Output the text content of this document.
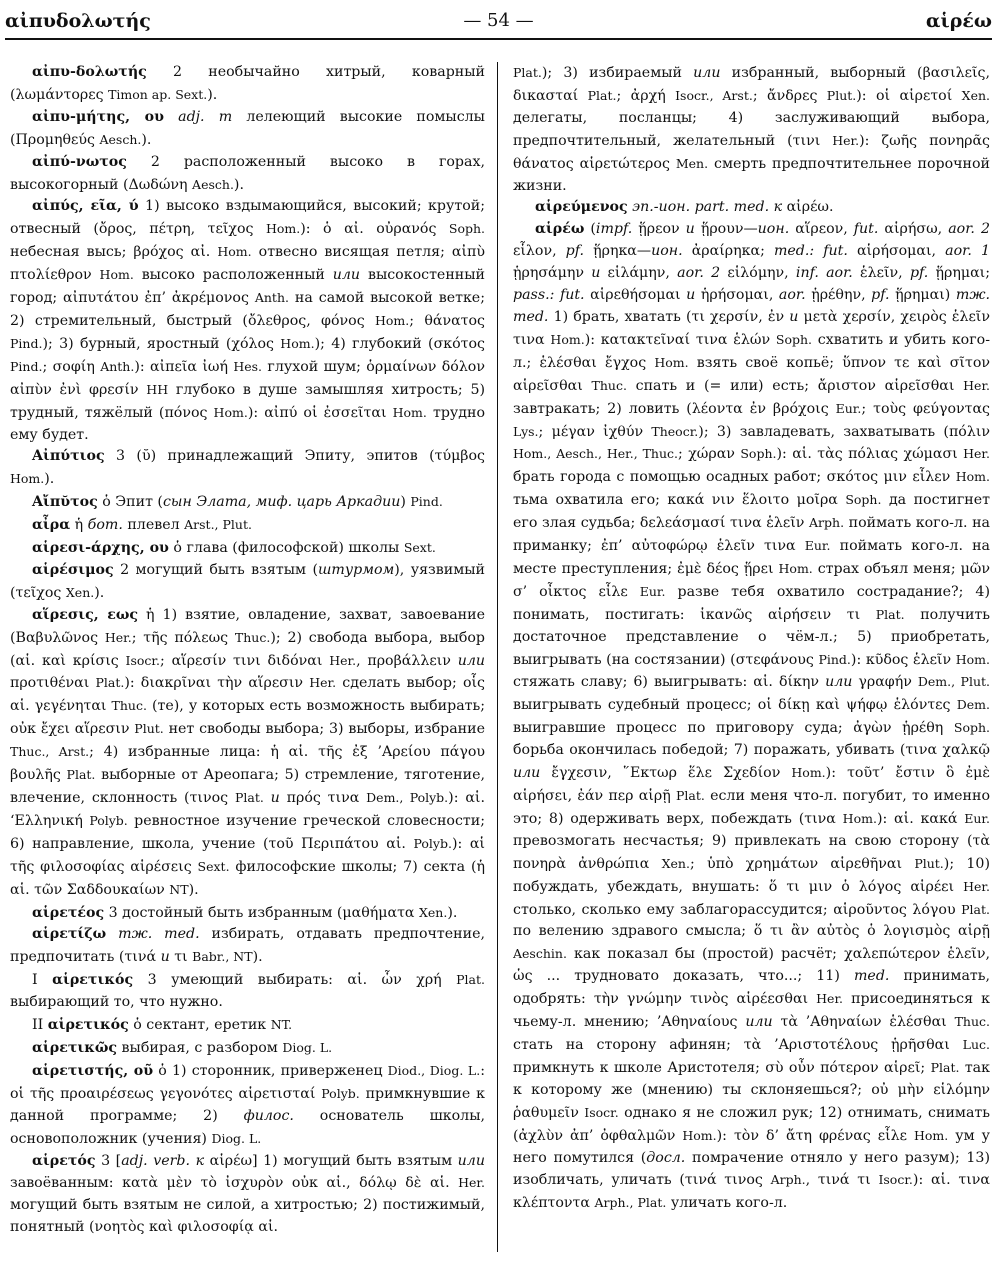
αἰπυδολωτής	— 54 —	αἱρέω

αἰπυ-δολωτής 2 необычайно хитрый, коварный (λωμάντορες Timon ap. Sext.).

αἰπυ-μήτης, ου adj. m лелеющий высокие помыслы (Προμηθεύς Aesch.).

αἰπύ-νωτος 2 расположенный высоко в горах, высокогорный (Δωδώνη Aesch.).

αἰπύς, εῖα, ύ 1) высоко вздымающийся, высокий; крутой; отвесный (ὄρος, πέτρη, τεῖχος Hom.): ὁ αἰ. οὐρανός Soph. небесная высь; βρόχος αἰ. Hom. отвесно висящая петля; αἰπὺ πτολίεθρον Hom. высоко расположенный или высокостенный город; αἰπυτάτου ἐπ’ ἀκρέμονος Anth. на самой высокой ветке; 2) стремительный, быстрый (ὄλεθρος, φόνος Hom.; θάνατος Pind.); 3) бурный, яростный (χόλος Hom.); 4) глубокий (σκότος Pind.; σοφίη Anth.): αἰπεῖα ἰωή Hes. глухой шум; ὁρμαίνων δόλον αἰπὺν ἐνὶ φρεσίν HH глубоко в душе замышляя хитрость; 5) трудный, тяжёлый (πόνος Hom.): αἰπύ οἱ ἐσσεῖται Hom. трудно ему будет.

Αἰπύτιος 3 (ῠ) принадлежащий Эпиту, эпитов (τύμβος Hom.).

Αἴπῠτος ὁ Эпит (сын Элата, миф. царь Аркадии) Pind.

αἶρα ἡ бот. плевел Arst., Plut.

αἱρεσι-άρχης, ου ὁ глава (философской) школы Sext.

αἱρέσιμος 2 могущий быть взятым (штурмом), уязвимый (τεῖχος Xen.).

αἵρεσις, εως ἡ 1) взятие, овладение, захват, завоевание (Βαβυλῶνος Her.; τῆς πόλεως Thuc.); 2) свобода выбора, выбор (αἱ. καὶ κρίσις Isocr.; αἵρεσίν τινι διδόναι Her., προβάλλειν или προτιθέναι Plat.): διακρῖναι τὴν αἵρεσιν Her. сделать выбор; οἷς αἱ. γεγένηται Thuc. (те), у которых есть возможность выбирать; οὐκ ἔχει αἵρεσιν Plut. нет свободы выбора; 3) выборы, избрание Thuc., Arst.; 4) избранные лица: ἡ αἱ. τῆς ἐξ ’Αρείου πάγου βουλῆς Plat. выборные от Ареопага; 5) стремление, тяготение, влечение, склонность (τινος Plat. и πρός τινα Dem., Polyb.): αἱ. ‘Ελληνική Polyb. ревностное изучение греческой словесности; 6) направление, школа, учение (τοῦ Περιπάτου αἱ. Polyb.): αἱ τῆς φιλοσοφίας αἱρέσεις Sext. философские школы; 7) секта (ἡ αἱ. τῶν Σαδδουκαίων NT).

αἱρετέος 3 достойный быть избранным (μαθήματα Xen.).

αἱρετίζω тж. med. избирать, отдавать предпочтение, предпочитать (τινά и τι Babr., NT).

I αἱρετικός 3 умеющий выбирать: αἱ. ὧν χρή Plat. выбирающий то, что нужно.

II αἱρετικός ὁ сектант, еретик NT.

αἱρετικῶς выбирая, с разбором Diog. L.

αἱρετιστής, οῦ ὁ 1) сторонник, приверженец Diod., Diog. L.: οἱ τῆς προαιρέσεως γεγονότες αἱρετισταί Polyb. примкнувшие к данной программе; 2) филос. основатель школы, основоположник (учения) Diog. L.

αἱρετός 3 [adj. verb. к αἱρέω] 1) могущий быть взятым или завоёванным: κατὰ μὲν τὸ ἰσχυρὸν οὐκ αἱ., δόλῳ δὲ αἱ. Her. могущий быть взятым не силой, а хитростью; 2) постижимый, понятный (νοητὸς καὶ φιλοσοφίᾳ αἱ.

Plat.); 3) избираемый или избранный, выборный (βασιλεῖς, δικασταί Plat.; ἀρχή Isocr., Arst.; ἄνδρες Plut.): οἱ αἱρετοί Xen. делегаты, посланцы; 4) заслуживающий выбора, предпочтительный, желательный (τινι Her.): ζωῆς πονηρᾶς θάνατος αἱρετώτερος Men. смерть предпочтительнее порочной жизни.

αἱρεύμενος эп.-ион. part. med. к αἱρέω.

αἱρέω (impf. ᾕρεον и ᾕρουν—ион. αἵρεον, fut. αἱρήσω, aor. 2 εἷλον, pf. ᾕρηκα—ион. ἀραίρηκα; med.: fut. αἱρήσομαι, aor. 1 ᾑρησάμην и εἱλάμην, aor. 2 εἱλόμην, inf. aor. ἑλεῖν, pf. ᾕρημαι; pass.: fut. αἱρεθήσομαι и ἡρήσομαι, aor. ᾑρέθην, pf. ᾕρημαι) тж. med. 1) брать, хватать (τι χερσίν, ἐν и μετὰ χερσίν, χειρὸς ἑλεῖν τινα Hom.): κατακτεῖναί τινα ἑλών Soph. схватить и убить кого-л.; ἑλέσθαι ἔγχος Hom. взять своё копьё; ὕπνον τε καὶ σῖτον αἱρεῖσθαι Thuc. спать и (= или) есть; ἄριστον αἱρεῖσθαι Her. завтракать; 2) ловить (λέοντα ἐν βρόχοις Eur.; τοὺς φεύγοντας Lys.; μέγαν ἰχθύν Theocr.); 3) завладевать, захватывать (πόλιν Hom., Aesch., Her., Thuc.; χώραν Soph.): αἱ. τὰς πόλιας χώμασι Her. брать города с помощью осадных работ; σκότος μιν εἷλεν Hom. тьма охватила его; κακά νιν ἕλοιτο μοῖρα Soph. да постигнет его злая судьба; δελεάσμασί τινα ἑλεῖν Arph. поймать кого-л. на приманку; ἐπ’ αὐτοφώρῳ ἑλεῖν τινα Eur. поймать кого-л. на месте преступления; ἐμὲ δέος ᾕρει Hom. страх объял меня; μῶν σ’ οἶκτος εἷλε Eur. разве тебя охватило сострадание?; 4) понимать, постигать: ἱκανῶς αἱρήσειν τι Plat. получить достаточное представление о чём-л.; 5) приобретать, выигрывать (на состязании) (στεφάνους Pind.): κῦδος ἑλεῖν Hom. стяжать славу; 6) выигрывать: αἱ. δίκην или γραφήν Dem., Plut. выигрывать судебный процесс; οἱ δίκῃ καὶ ψήφῳ ἑλόντες Dem. выигравшие процесс по приговору суда; ἀγὼν ᾑρέθη Soph. борьба окончилась победой; 7) поражать, убивать (τινα χαλκῷ или ἔγχεσιν, ῞Εκτωρ ἕλε Σχεδίον Hom.): τοῦτ’ ἔστιν ὃ ἐμὲ αἱρήσει, ἐάν περ αἱρῇ Plat. если меня что-л. погубит, то именно это; 8) одерживать верх, побеждать (τινα Hom.): αἱ. κακά Eur. превозмогать несчастья; 9) привлекать на свою сторону (τὰ πονηρὰ ἀνθρώπια Xen.; ὑπὸ χρημάτων αἱρεθῆναι Plut.); 10) побуждать, убеждать, внушать: ὅ τι μιν ὁ λόγος αἱρέει Her. столько, сколько ему заблагорассудится; αἱροῦντος λόγου Plat. по велению здравого смысла; ὅ τι ἂν αὐτὸς ὁ λογισμὸς αἱρῇ Aeschin. как показал бы (простой) расчёт; χαλεπώτερον ἑλεῖν, ὡς ... трудновато доказать, что...; 11) med. принимать, одобрять: τὴν γνώμην τινὸς αἱρέεσθαι Her. присоединяться к чьему-л. мнению; ’Αθηναίους или τὰ ’Αθηναίων ἑλέσθαι Thuc. стать на сторону афинян; τὰ ’Αριστοτέλους ᾑρῆσθαι Luc. примкнуть к школе Аристотеля; σὺ οὖν πότερον αἱρεῖ; Plat. так к которому же (мнению) ты склоняешься?; οὐ μὴν εἱλόμην ῥαθυμεῖν Isocr. однако я не сложил рук; 12) отнимать, снимать (ἀχλὺν ἀπ’ ὀφθαλμῶν Hom.): τὸν δ’ ἄτη φρένας εἷλε Hom. ум у него помутился (досл. помрачение отняло у него разум); 13) изобличать, уличать (τινά τινος Arph., τινά τι Isocr.): αἱ. τινα κλέπτοντα Arph., Plat. уличать кого-л.
